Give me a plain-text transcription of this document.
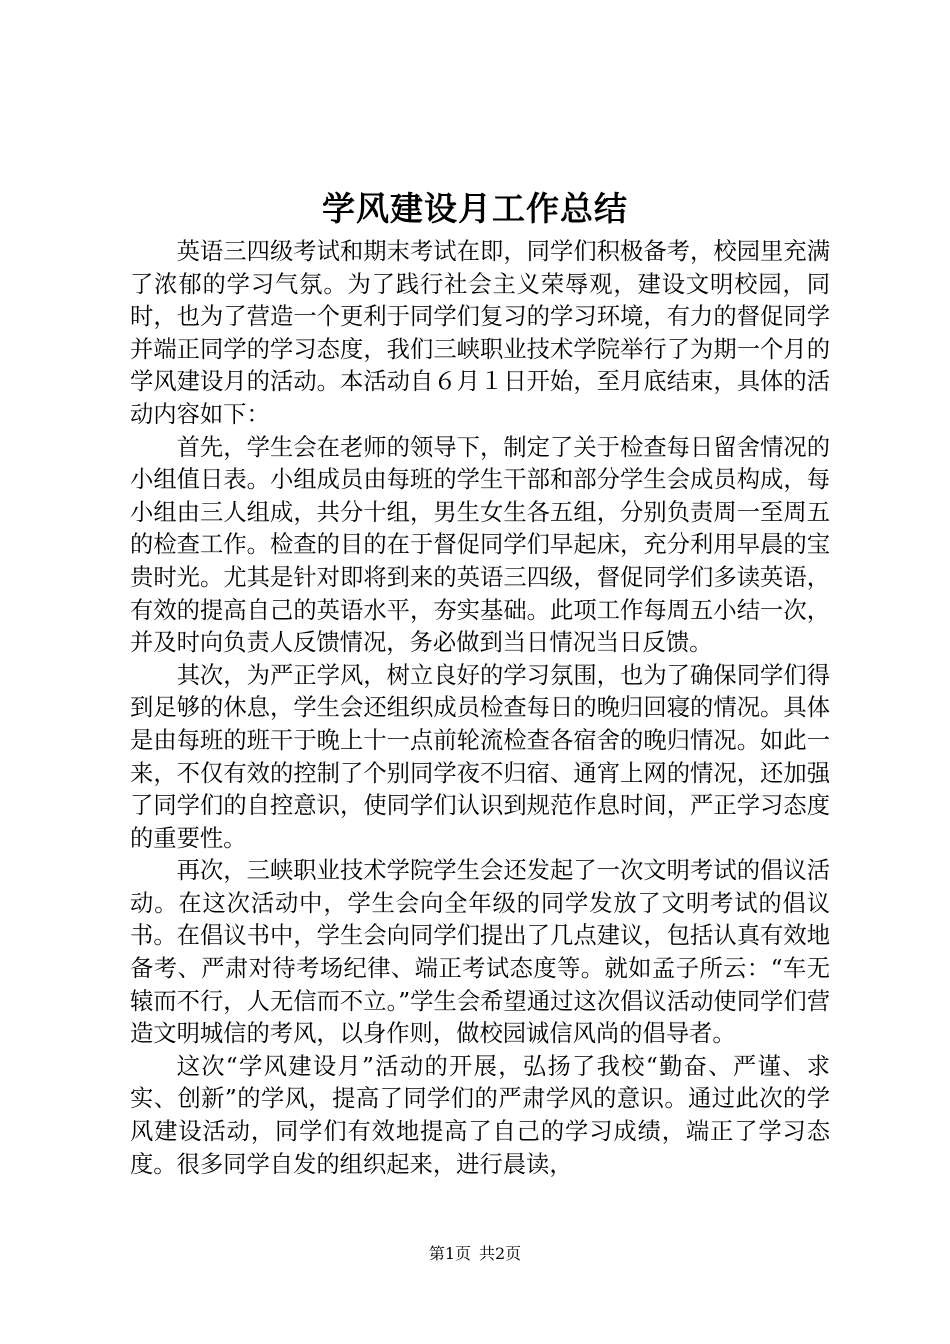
学风建设月工作总结

英语三四级考试和期末考试在即，同学们积极备考，校园里充满了浓郁的学习气氛。为了践行社会主义荣辱观，建设文明校园，同时，也为了营造一个更利于同学们复习的学习环境，有力的督促同学并端正同学的学习态度，我们三峡职业技术学院举行了为期一个月的学风建设月的活动。本活动自６月１日开始，至月底结束，具体的活动内容如下：

首先，学生会在老师的领导下，制定了关于检查每日留舍情况的小组值日表。小组成员由每班的学生干部和部分学生会成员构成，每小组由三人组成，共分十组，男生女生各五组，分别负责周一至周五的检查工作。检查的目的在于督促同学们早起床，充分利用早晨的宝贵时光。尤其是针对即将到来的英语三四级，督促同学们多读英语，有效的提高自己的英语水平，夯实基础。此项工作每周五小结一次，并及时向负责人反馈情况，务必做到当日情况当日反馈。

其次，为严正学风，树立良好的学习氛围，也为了确保同学们得到足够的休息，学生会还组织成员检查每日的晚归回寝的情况。具体是由每班的班干于晚上十一点前轮流检查各宿舍的晚归情况。如此一来，不仅有效的控制了个别同学夜不归宿、通宵上网的情况，还加强了同学们的自控意识，使同学们认识到规范作息时间，严正学习态度的重要性。

再次，三峡职业技术学院学生会还发起了一次文明考试的倡议活动。在这次活动中，学生会向全年级的同学发放了文明考试的倡议书。在倡议书中，学生会向同学们提出了几点建议，包括认真有效地备考、严肃对待考场纪律、端正考试态度等。就如孟子所云：“车无辕而不行，人无信而不立。”学生会希望通过这次倡议活动使同学们营造文明城信的考风，以身作则，做校园诚信风尚的倡导者。

这次“学风建设月”活动的开展，弘扬了我校“勤奋、严谨、求实、创新”的学风，提高了同学们的严肃学风的意识。通过此次的学风建设活动，同学们有效地提高了自己的学习成绩，端正了学习态度。很多同学自发的组织起来，进行晨读，

第1页 共2页
